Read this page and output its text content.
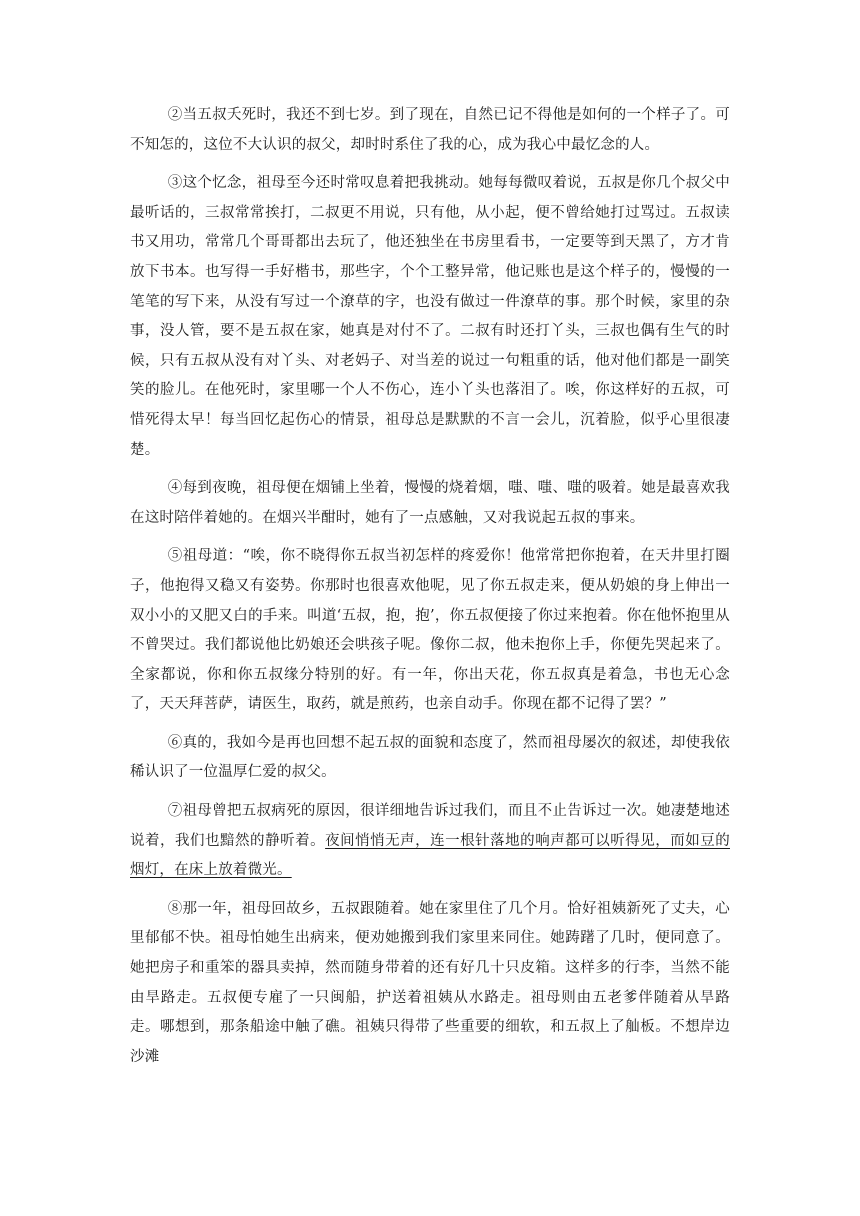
②当五叔夭死时，我还不到七岁。到了现在，自然已记不得他是如何的一个样子了。可不知怎的，这位不大认识的叔父，却时时系住了我的心，成为我心中最忆念的人。

③这个忆念，祖母至今还时常叹息着把我挑动。她每每微叹着说，五叔是你几个叔父中最听话的，三叔常常挨打，二叔更不用说，只有他，从小起，便不曾给她打过骂过。五叔读书又用功，常常几个哥哥都出去玩了，他还独坐在书房里看书，一定要等到天黑了，方才肯放下书本。也写得一手好楷书，那些字，个个工整异常，他记账也是这个样子的，慢慢的一笔笔的写下来，从没有写过一个潦草的字，也没有做过一件潦草的事。那个时候，家里的杂事，没人管，要不是五叔在家，她真是对付不了。二叔有时还打丫头，三叔也偶有生气的时候，只有五叔从没有对丫头、对老妈子、对当差的说过一句粗重的话，他对他们都是一副笑笑的脸儿。在他死时，家里哪一个人不伤心，连小丫头也落泪了。唉，你这样好的五叔，可惜死得太早！每当回忆起伤心的情景，祖母总是默默的不言一会儿，沉着脸，似乎心里很凄楚。

④每到夜晚，祖母便在烟铺上坐着，慢慢的烧着烟，嗤、嗤、嗤的吸着。她是最喜欢我在这时陪伴着她的。在烟兴半酣时，她有了一点感触，又对我说起五叔的事来。

⑤祖母道：“唉，你不晓得你五叔当初怎样的疼爱你！他常常把你抱着，在天井里打圈子，他抱得又稳又有姿势。你那时也很喜欢他呢，见了你五叔走来，便从奶娘的身上伸出一双小小的又肥又白的手来。叫道‘五叔，抱，抱’，你五叔便接了你过来抱着。你在他怀抱里从不曾哭过。我们都说他比奶娘还会哄孩子呢。像你二叔，他未抱你上手，你便先哭起来了。全家都说，你和你五叔缘分特别的好。有一年，你出天花，你五叔真是着急，书也无心念了，天天拜菩萨，请医生，取药，就是煎药，也亲自动手。你现在都不记得了罢？”

⑥真的，我如今是再也回想不起五叔的面貌和态度了，然而祖母屡次的叙述，却使我依稀认识了一位温厚仁爱的叔父。

⑦祖母曾把五叔病死的原因，很详细地告诉过我们，而且不止告诉过一次。她凄楚地述说着，我们也黯然的静听着。夜间悄悄无声，连一根针落地的响声都可以听得见，而如豆的烟灯，在床上放着微光。

⑧那一年，祖母回故乡，五叔跟随着。她在家里住了几个月。恰好祖姨新死了丈夫，心里郁郁不快。祖母怕她生出病来，便劝她搬到我们家里来同住。她踌躇了几时，便同意了。她把房子和重笨的器具卖掉，然而随身带着的还有好几十只皮箱。这样多的行李，当然不能由旱路走。五叔便专雇了一只闽船，护送着祖姨从水路走。祖母则由五老爹伴随着从旱路走。哪想到，那条船途中触了礁。祖姨只得带了些重要的细软，和五叔上了舢板。不想岸边沙滩
